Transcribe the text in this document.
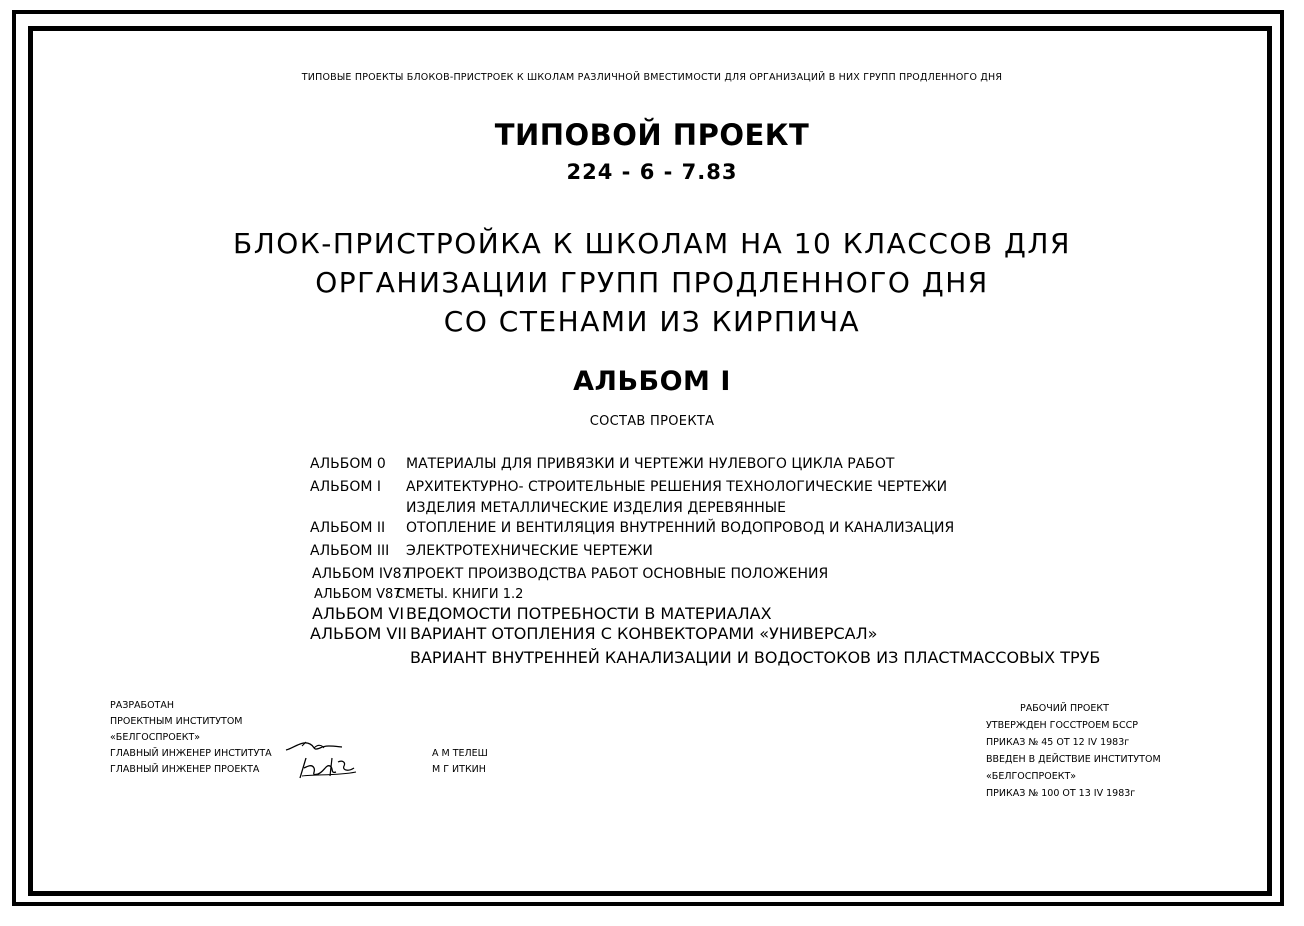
ТИПОВЫЕ ПРОЕКТЫ БЛОКОВ-ПРИСТРОЕК К ШКОЛАМ РАЗЛИЧНОЙ ВМЕСТИМОСТИ ДЛЯ ОРГАНИЗАЦИЙ В НИХ ГРУПП ПРОДЛЕННОГО ДНЯ
ТИПОВОЙ ПРОЕКТ
224 - 6 - 7.83
БЛОК-ПРИСТРОЙКА К ШКОЛАМ НА 10 КЛАССОВ ДЛЯ
ОРГАНИЗАЦИИ ГРУПП ПРОДЛЕННОГО ДНЯ
СО СТЕНАМИ ИЗ КИРПИЧА
АЛЬБОМ I
СОСТАВ ПРОЕКТА
АЛЬБОМ 0 МАТЕРИАЛЫ ДЛЯ ПРИВЯЗКИ И ЧЕРТЕЖИ НУЛЕВОГО ЦИКЛА РАБОТ
АЛЬБОМ I АРХИТЕКТУРНО- СТРОИТЕЛЬНЫЕ РЕШЕНИЯ ТЕХНОЛОГИЧЕСКИЕ ЧЕРТЕЖИ
ИЗДЕЛИЯ МЕТАЛЛИЧЕСКИЕ ИЗДЕЛИЯ ДЕРЕВЯННЫЕ
АЛЬБОМ II ОТОПЛЕНИЕ И ВЕНТИЛЯЦИЯ ВНУТРЕННИЙ ВОДОПРОВОД И КАНАЛИЗАЦИЯ
АЛЬБОМ III ЭЛЕКТРОТЕХНИЧЕСКИЕ ЧЕРТЕЖИ
АЛЬБОМ IV87
ПРОЕКТ ПРОИЗВОДСТВА РАБОТ ОСНОВНЫЕ ПОЛОЖЕНИЯ
АЛЬБОМ V87
СМЕТЫ. КНИГИ 1.2
АЛЬБОМ VI ВЕДОМОСТИ ПОТРЕБНОСТИ В МАТЕРИАЛАХ
АЛЬБОМ VII ВАРИАНТ ОТОПЛЕНИЯ С КОНВЕКТОРАМИ «УНИВЕРСАЛ»
ВАРИАНТ ВНУТРЕННЕЙ КАНАЛИЗАЦИИ И ВОДОСТОКОВ ИЗ ПЛАСТМАССОВЫХ ТРУБ
РАЗРАБОТАН
ПРОЕКТНЫМ ИНСТИТУТОМ
«БЕЛГОСПРОЕКТ»
ГЛАВНЫЙ ИНЖЕНЕР ИНСТИТУТА	А М ТЕЛЕШ
ГЛАВНЫЙ ИНЖЕНЕР ПРОЕКТА	М Г ИТКИН
РАБОЧИЙ ПРОЕКТ
УТВЕРЖДЕН ГОССТРОЕМ БССР
ПРИКАЗ № 45 ОТ 12 IV 1983г
ВВЕДЕН В ДЕЙСТВИЕ ИНСТИТУТОМ
«БЕЛГОСПРОЕКТ»
ПРИКАЗ № 100 ОТ 13 IV 1983г
